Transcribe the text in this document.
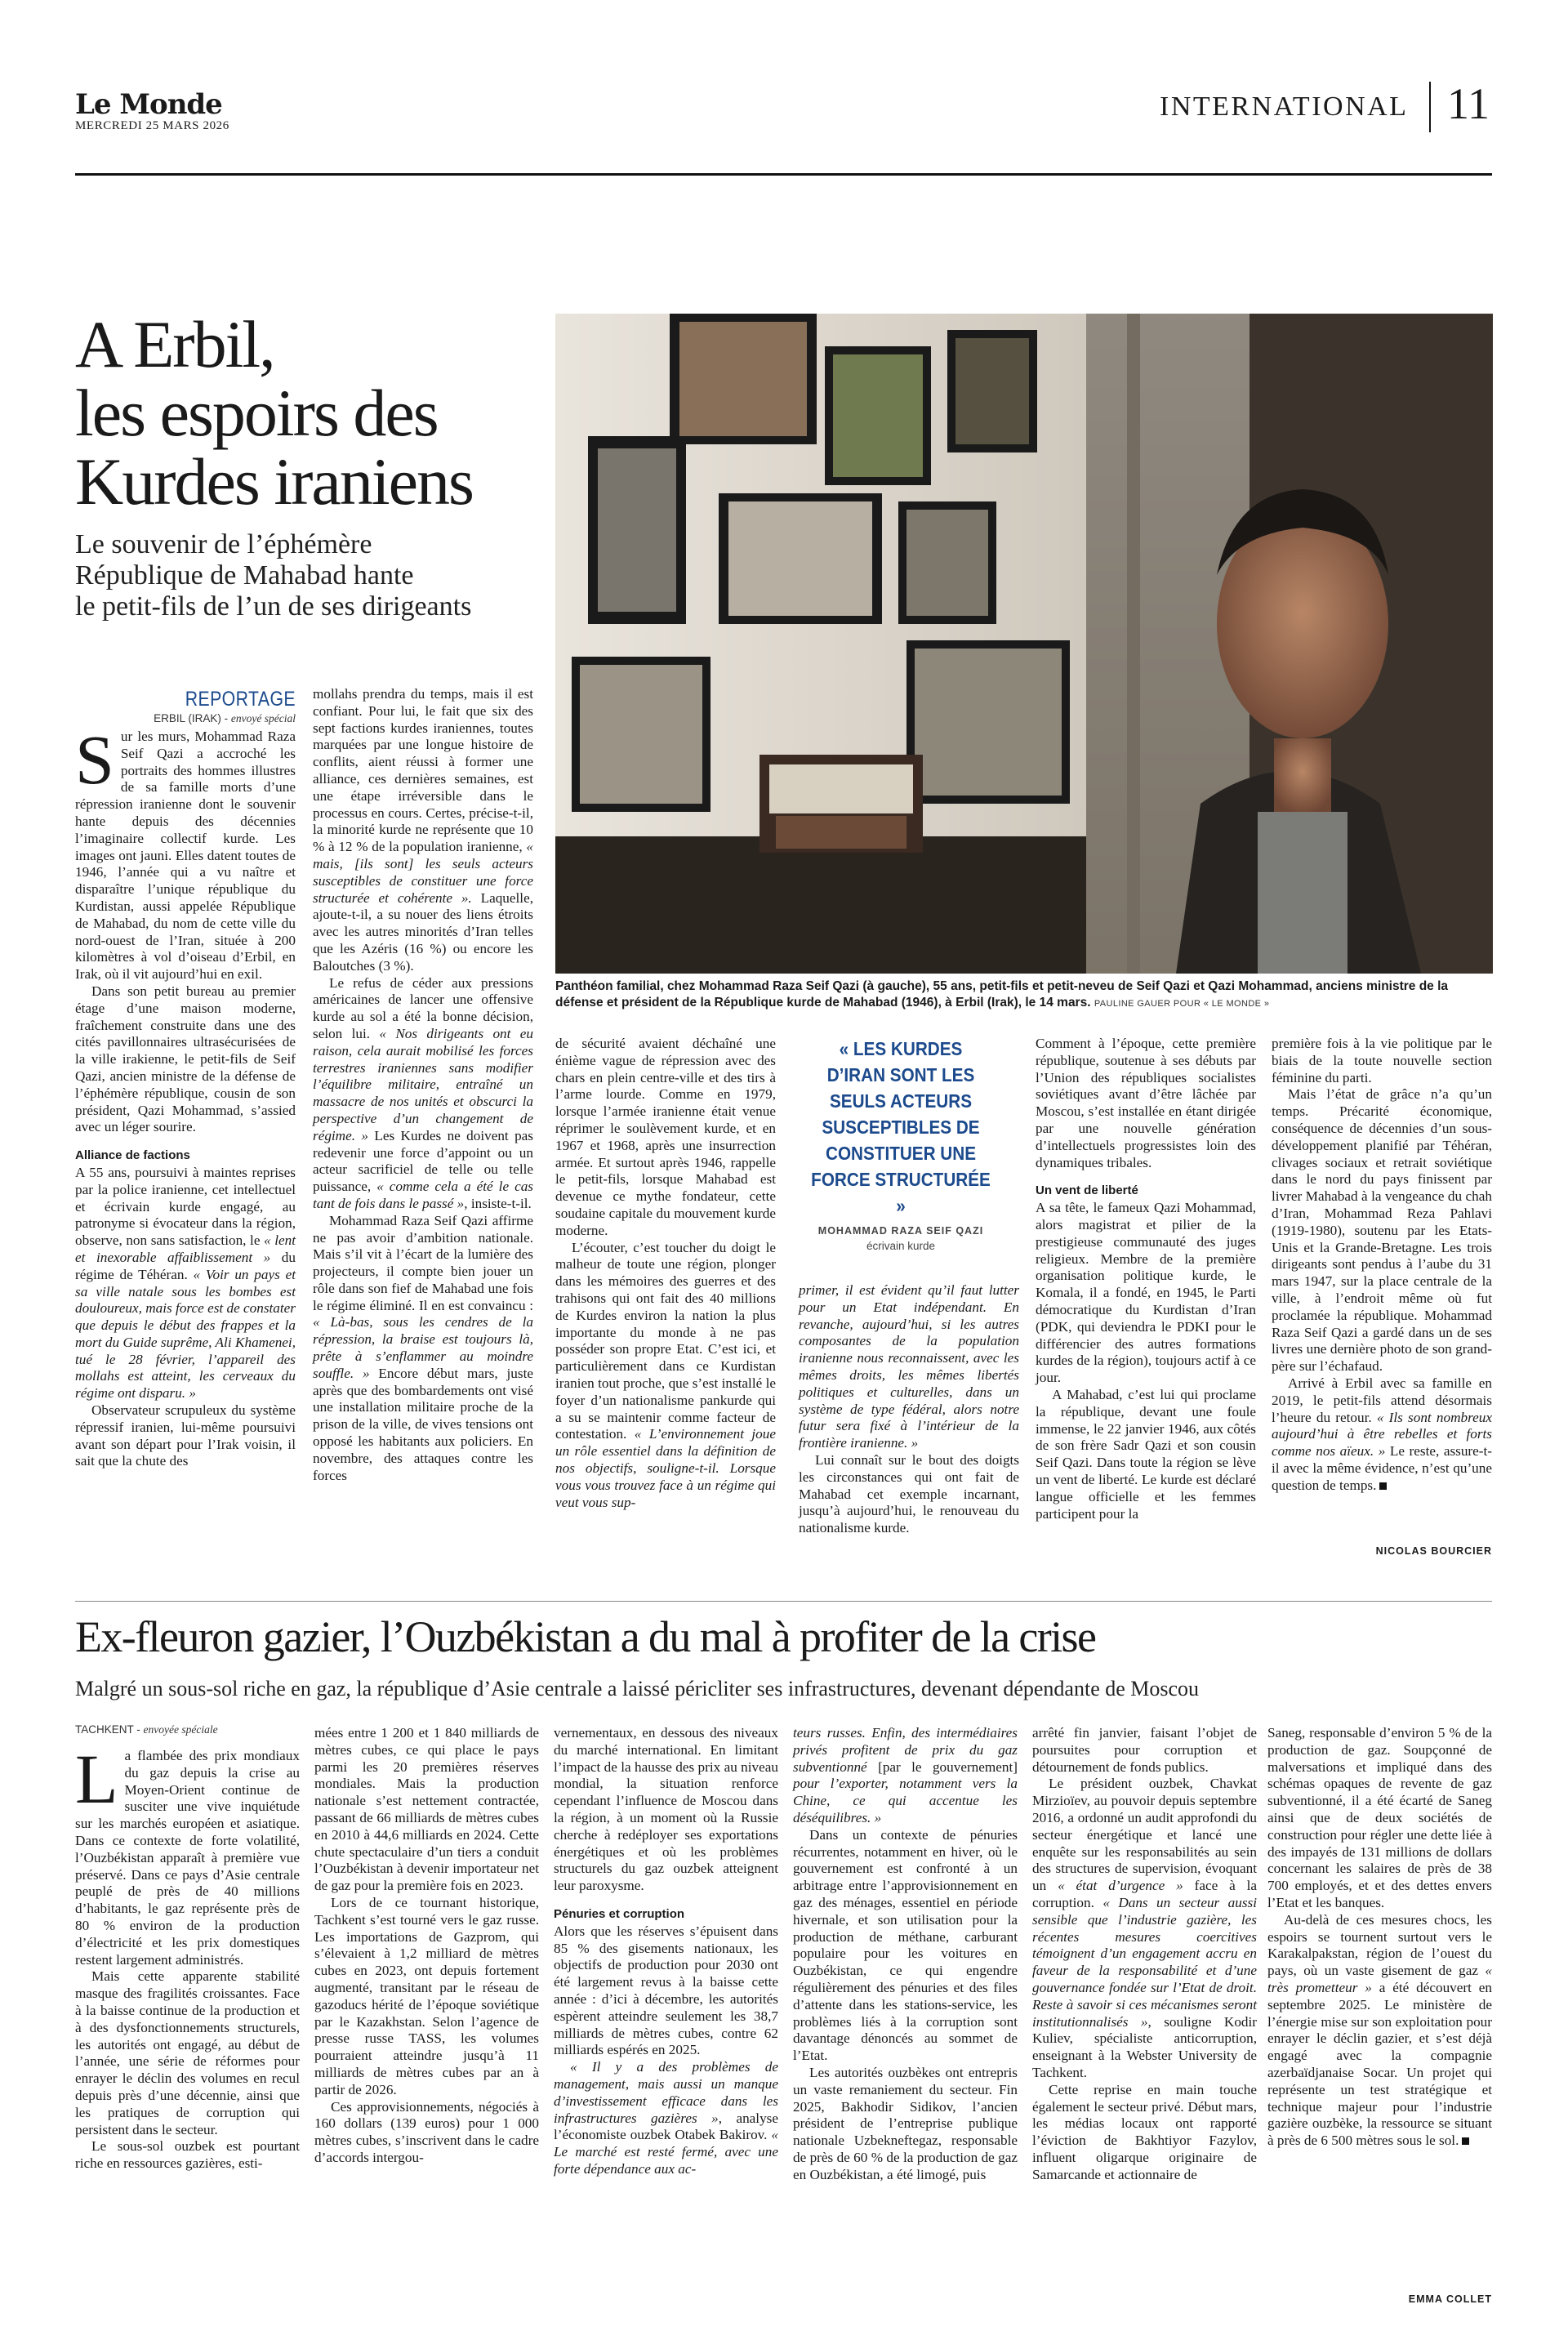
Le Monde
MERCREDI 25 MARS 2026
INTERNATIONAL 11
A Erbil,
les espoirs des
Kurdes iraniens
Le souvenir de l’éphémère
République de Mahabad hante
le petit-fils de l’un de ses dirigeants
Panthéon familial, chez Mohammad Raza Seif Qazi (à gauche), 55 ans, petit-fils et petit-neveu de Seif Qazi et Qazi Mohammad, anciens ministre de la défense et président de la République kurde de Mahabad (1946), à Erbil (Irak), le 14 mars. PAULINE GAUER POUR « LE MONDE »
REPORTAGE
ERBIL (IRAK) - envoyé spécial

Sur les murs, Mohammad Raza Seif Qazi a accroché les portraits des hommes illustres de sa famille morts d’une répression iranienne dont le souvenir hante depuis des décennies l’imaginaire collectif kurde. Les images ont jauni. Elles datent toutes de 1946, l’année qui a vu naître et disparaître l’unique république du Kurdistan, aussi appelée République de Mahabad, du nom de cette ville du nord-ouest de l’Iran, située à 200 kilomètres à vol d’oiseau d’Erbil, en Irak, où il vit aujourd’hui en exil.

Dans son petit bureau au premier étage d’une maison moderne, fraîchement construite dans une des cités pavillonnaires ultrasécurisées de la ville irakienne, le petit-fils de Seif Qazi, ancien ministre de la défense de l’éphémère république, cousin de son président, Qazi Mohammad, s’assied avec un léger sourire.

Alliance de factions

A 55 ans, poursuivi à maintes reprises par la police iranienne, cet intellectuel et écrivain kurde engagé, au patronyme si évocateur dans la région, observe, non sans satisfaction, le « lent et inexorable affaiblissement » du régime de Téhéran. « Voir un pays et sa ville natale sous les bombes est douloureux, mais force est de constater que depuis le début des frappes et la mort du Guide suprême, Ali Khamenei, tué le 28 février, l’appareil des mollahs est atteint, les cerveaux du régime ont disparu. »

Observateur scrupuleux du système répressif iranien, lui-même poursuivi avant son départ pour l’Irak voisin, il sait que la chute des

mollahs prendra du temps, mais il est confiant. Pour lui, le fait que six des sept factions kurdes iraniennes, toutes marquées par une longue histoire de conflits, aient réussi à former une alliance, ces dernières semaines, est une étape irréversible dans le processus en cours. Certes, précise-t-il, la minorité kurde ne représente que 10 % à 12 % de la population iranienne, « mais, [ils sont] les seuls acteurs susceptibles de constituer une force structurée et cohérente ». Laquelle, ajoute-t-il, a su nouer des liens étroits avec les autres minorités d’Iran telles que les Azéris (16 %) ou encore les Baloutches (3 %).

Le refus de céder aux pressions américaines de lancer une offensive kurde au sol a été la bonne décision, selon lui. « Nos dirigeants ont eu raison, cela aurait mobilisé les forces terrestres iraniennes sans modifier l’équilibre militaire, entraîné un massacre de nos unités et obscurci la perspective d’un changement de régime. » Les Kurdes ne doivent pas redevenir une force d’appoint ou un acteur sacrificiel de telle ou telle puissance, « comme cela a été le cas tant de fois dans le passé », insiste-t-il.

Mohammad Raza Seif Qazi affirme ne pas avoir d’ambition nationale. Mais s’il vit à l’écart de la lumière des projecteurs, il compte bien jouer un rôle dans son fief de Mahabad une fois le régime éliminé. Il en est convaincu : « Là-bas, sous les cendres de la répression, la braise est toujours là, prête à s’enflammer au moindre souffle. » Encore début mars, juste après que des bombardements ont visé une installation militaire proche de la prison de la ville, de vives tensions ont opposé les habitants aux policiers. En novembre, des attaques contre les forces

de sécurité avaient déchaîné une énième vague de répression avec des chars en plein centre-ville et des tirs à l’arme lourde. Comme en 1979, lorsque l’armée iranienne était venue réprimer le soulèvement kurde, et en 1967 et 1968, après une insurrection armée. Et surtout après 1946, rappelle le petit-fils, lorsque Mahabad est devenue ce mythe fondateur, cette soudaine capitale du mouvement kurde moderne.

L’écouter, c’est toucher du doigt le malheur de toute une région, plonger dans les mémoires des guerres et des trahisons qui ont fait des 40 millions de Kurdes environ la nation la plus importante du monde à ne pas posséder son propre Etat. C’est ici, et particulièrement dans ce Kurdistan iranien tout proche, que s’est installé le foyer d’un nationalisme pankurde qui a su se maintenir comme facteur de contestation. « L’environnement joue un rôle essentiel dans la définition de nos objectifs, souligne-t-il. Lorsque vous vous trouvez face à un régime qui veut vous sup-

« LES KURDES D’IRAN SONT LES SEULS ACTEURS SUSCEPTIBLES DE CONSTITUER UNE FORCE STRUCTURÉE »
MOHAMMAD RAZA SEIF QAZI
écrivain kurde

primer, il est évident qu’il faut lutter pour un Etat indépendant. En revanche, aujourd’hui, si les autres composantes de la population iranienne nous reconnaissent, avec les mêmes droits, les mêmes libertés politiques et culturelles, dans un système de type fédéral, alors notre futur sera fixé à l’intérieur de la frontière iranienne. »

Lui connaît sur le bout des doigts les circonstances qui ont fait de Mahabad cet exemple incarnant, jusqu’à aujourd’hui, le renouveau du nationalisme kurde.

Comment à l’époque, cette première république, soutenue à ses débuts par l’Union des républiques socialistes soviétiques avant d’être lâchée par Moscou, s’est installée en étant dirigée par une nouvelle génération d’intellectuels progressistes loin des dynamiques tribales.

Un vent de liberté

A sa tête, le fameux Qazi Mohammad, alors magistrat et pilier de la prestigieuse communauté des juges religieux. Membre de la première organisation politique kurde, le Komala, il a fondé, en 1945, le Parti démocratique du Kurdistan d’Iran (PDK, qui deviendra le PDKI pour le différencier des autres formations kurdes de la région), toujours actif à ce jour.

A Mahabad, c’est lui qui proclame la république, devant une foule immense, le 22 janvier 1946, aux côtés de son frère Sadr Qazi et son cousin Seif Qazi. Dans toute la région se lève un vent de liberté. Le kurde est déclaré langue officielle et les femmes participent pour la

première fois à la vie politique par le biais de la toute nouvelle section féminine du parti.

Mais l’état de grâce n’a qu’un temps. Précarité économique, conséquence de décennies d’un sous-développement planifié par Téhéran, clivages sociaux et retrait soviétique dans le nord du pays finissent par livrer Mahabad à la vengeance du chah d’Iran, Mohammad Reza Pahlavi (1919-1980), soutenu par les Etats-Unis et la Grande-Bretagne. Les trois dirigeants sont pendus à l’aube du 31 mars 1947, sur la place centrale de la ville, à l’endroit même où fut proclamée la république. Mohammad Raza Seif Qazi a gardé dans un de ses livres une dernière photo de son grand-père sur l’échafaud.

Arrivé à Erbil avec sa famille en 2019, le petit-fils attend désormais l’heure du retour. « Ils sont nombreux aujourd’hui à être rebelles et forts comme nos aïeux. » Le reste, assure-t-il avec la même évidence, n’est qu’une question de temps.

NICOLAS BOURCIER
Ex-fleuron gazier, l’Ouzbékistan a du mal à profiter de la crise
Malgré un sous-sol riche en gaz, la république d’Asie centrale a laissé péricliter ses infrastructures, devenant dépendante de Moscou
TACHKENT - envoyée spéciale

La flambée des prix mondiaux du gaz depuis la crise au Moyen-Orient continue de susciter une vive inquiétude sur les marchés européen et asiatique. Dans ce contexte de forte volatilité, l’Ouzbékistan apparaît à première vue préservé. Dans ce pays d’Asie centrale peuplé de près de 40 millions d’habitants, le gaz représente près de 80 % environ de la production d’électricité et les prix domestiques restent largement administrés.

Mais cette apparente stabilité masque des fragilités croissantes. Face à la baisse continue de la production et à des dysfonctionnements structurels, les autorités ont engagé, au début de l’année, une série de réformes pour enrayer le déclin des volumes en recul depuis près d’une décennie, ainsi que les pratiques de corruption qui persistent dans le secteur.

Le sous-sol ouzbek est pourtant riche en ressources gazières, esti-

mées entre 1 200 et 1 840 milliards de mètres cubes, ce qui place le pays parmi les 20 premières réserves mondiales. Mais la production nationale s’est nettement contractée, passant de 66 milliards de mètres cubes en 2010 à 44,6 milliards en 2024. Cette chute spectaculaire d’un tiers a conduit l’Ouzbékistan à devenir importateur net de gaz pour la première fois en 2023.

Lors de ce tournant historique, Tachkent s’est tourné vers le gaz russe. Les importations de Gazprom, qui s’élevaient à 1,2 milliard de mètres cubes en 2023, ont depuis fortement augmenté, transitant par le réseau de gazoducs hérité de l’époque soviétique par le Kazakhstan. Selon l’agence de presse russe TASS, les volumes pourraient atteindre jusqu’à 11 milliards de mètres cubes par an à partir de 2026.

Ces approvisionnements, négociés à 160 dollars (139 euros) pour 1 000 mètres cubes, s’inscrivent dans le cadre d’accords intergou-

vernementaux, en dessous des niveaux du marché international. En limitant l’impact de la hausse des prix au niveau mondial, la situation renforce cependant l’influence de Moscou dans la région, à un moment où la Russie cherche à redéployer ses exportations énergétiques et où les problèmes structurels du gaz ouzbek atteignent leur paroxysme.

Pénuries et corruption

Alors que les réserves s’épuisent dans 85 % des gisements nationaux, les objectifs de production pour 2030 ont été largement revus à la baisse cette année : d’ici à décembre, les autorités espèrent atteindre seulement les 38,7 milliards de mètres cubes, contre 62 milliards espérés en 2025.

« Il y a des problèmes de management, mais aussi un manque d’investissement efficace dans les infrastructures gazières », analyse l’économiste ouzbek Otabek Bakirov. « Le marché est resté fermé, avec une forte dépendance aux ac-

teurs russes. Enfin, des intermédiaires privés profitent de prix du gaz subventionné [par le gouvernement] pour l’exporter, notamment vers la Chine, ce qui accentue les déséquilibres. »

Dans un contexte de pénuries récurrentes, notamment en hiver, où le gouvernement est confronté à un arbitrage entre l’approvisionnement en gaz des ménages, essentiel en période hivernale, et son utilisation pour la production de méthane, carburant populaire pour les voitures en Ouzbékistan, ce qui engendre régulièrement des pénuries et des files d’attente dans les stations-service, les problèmes liés à la corruption sont davantage dénoncés au sommet de l’Etat.

Les autorités ouzbèkes ont entrepris un vaste remaniement du secteur. Fin 2025, Bakhodir Sidikov, l’ancien président de l’entreprise publique nationale Uzbekneftegaz, responsable de près de 60 % de la production de gaz en Ouzbékistan, a été limogé, puis

arrêté fin janvier, faisant l’objet de poursuites pour corruption et détournement de fonds publics.

Le président ouzbek, Chavkat Mirzioïev, au pouvoir depuis septembre 2016, a ordonné un audit approfondi du secteur énergétique et lancé une enquête sur les responsabilités au sein des structures de supervision, évoquant un « état d’urgence » face à la corruption. « Dans un secteur aussi sensible que l’industrie gazière, les récentes mesures coercitives témoignent d’un engagement accru en faveur de la responsabilité et d’une gouvernance fondée sur l’Etat de droit. Reste à savoir si ces mécanismes seront institutionnalisés », souligne Kodir Kuliev, spécialiste anticorruption, enseignant à la Webster University de Tachkent.

Cette reprise en main touche également le secteur privé. Début mars, les médias locaux ont rapporté l’éviction de Bakhtiyor Fazylov, influent oligarque originaire de Samarcande et actionnaire de

Saneg, responsable d’environ 5 % de la production de gaz. Soupçonné de malversations et impliqué dans des schémas opaques de revente de gaz subventionné, il a été écarté de Saneg ainsi que de deux sociétés de construction pour régler une dette liée à des impayés de 131 millions de dollars concernant les salaires de près de 38 700 employés, et et des dettes envers l’Etat et les banques.

Au-delà de ces mesures chocs, les espoirs se tournent surtout vers le Karakalpakstan, région de l’ouest du pays, où un vaste gisement de gaz « très prometteur » a été découvert en septembre 2025. Le ministère de l’énergie mise sur son exploitation pour enrayer le déclin gazier, et s’est déjà engagé avec la compagnie azerbaïdjanaise Socar. Un projet qui représente un test stratégique et technique majeur pour l’industrie gazière ouzbèke, la ressource se situant à près de 6 500 mètres sous le sol.

EMMA COLLET
